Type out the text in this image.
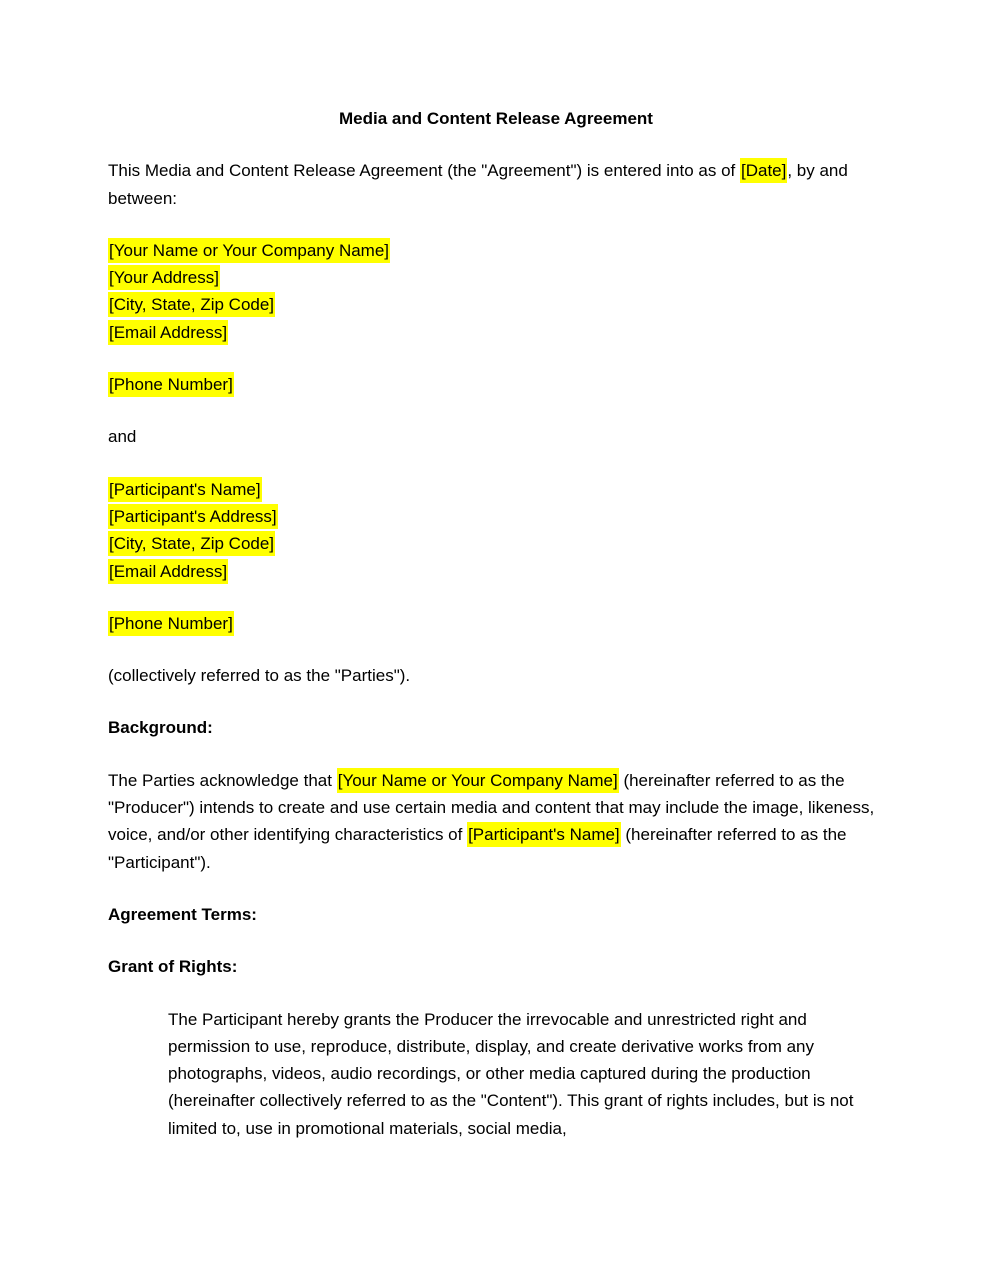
Media and Content Release Agreement

This Media and Content Release Agreement (the "Agreement") is entered into as of [Date], by and between:

[Your Name or Your Company Name]
[Your Address]
[City, State, Zip Code]
[Email Address]

[Phone Number]

and

[Participant's Name]
[Participant's Address]
[City, State, Zip Code]
[Email Address]

[Phone Number]

(collectively referred to as the "Parties").

Background:

The Parties acknowledge that [Your Name or Your Company Name] (hereinafter referred to as the "Producer") intends to create and use certain media and content that may include the image, likeness, voice, and/or other identifying characteristics of [Participant's Name] (hereinafter referred to as the "Participant").

Agreement Terms:
Grant of Rights:

The Participant hereby grants the Producer the irrevocable and unrestricted right and permission to use, reproduce, distribute, display, and create derivative works from any photographs, videos, audio recordings, or other media captured during the production (hereinafter collectively referred to as the "Content"). This grant of rights includes, but is not limited to, use in promotional materials, social media,
